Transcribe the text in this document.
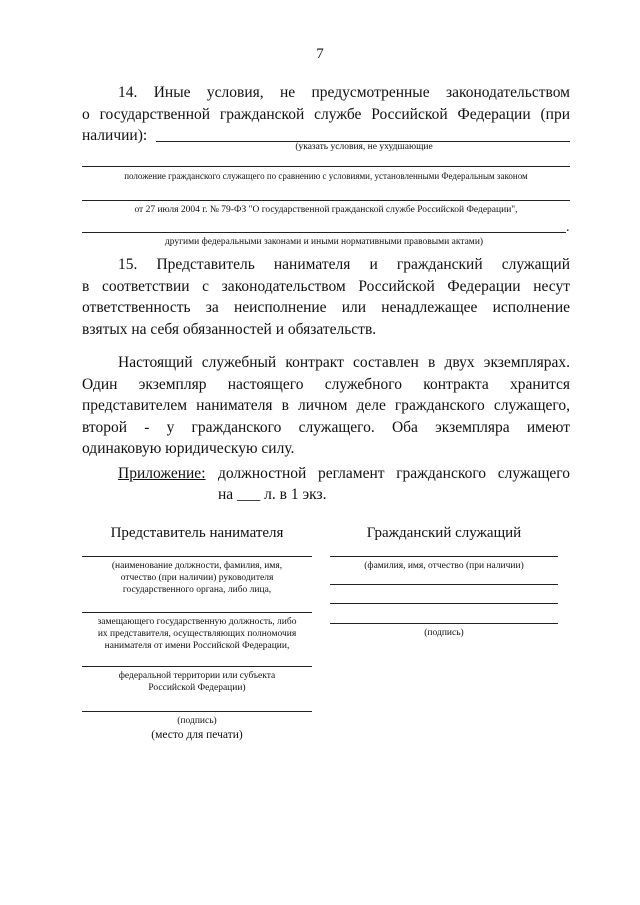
7

14. Иные условия, не предусмотренные законодательством

о государственной гражданской службе Российской Федерации (при

наличии):

(указать условия, не ухудшающие
положение гражданского служащего по сравнению с условиями, установленными Федеральным законом
от 27 июля 2004 г. № 79-ФЗ "О государственной гражданской службе Российской Федерации",
.
другими федеральными законами и иными нормативными правовыми актами)

15. Представитель нанимателя и гражданский служащий

в соответствии с законодательством Российской Федерации несут

ответственность за неисполнение или ненадлежащее исполнение

взятых на себя обязанностей и обязательств.

Настоящий служебный контракт составлен в двух экземплярах.

Один экземпляр настоящего служебного контракта хранится

представителем нанимателя в личном деле гражданского служащего,

второй - у гражданского служащего. Оба экземпляра имеют

одинаковую юридическую силу.

Приложение: должностной регламент гражданского служащего
на ___ л. в 1 экз.
Представитель нанимателя
(наименование должности, фамилия, имя,
отчество (при наличии) руководителя
государственного органа, либо лица,
замещающего государственную должность, либо
их представителя, осуществляющих полномочия
нанимателя от имени Российской Федерации,
федеральной территории или субъекта
Российской Федерации)
(подпись)
(место для печати)
Гражданский служащий
(фамилия, имя, отчество (при наличии)
(подпись)
